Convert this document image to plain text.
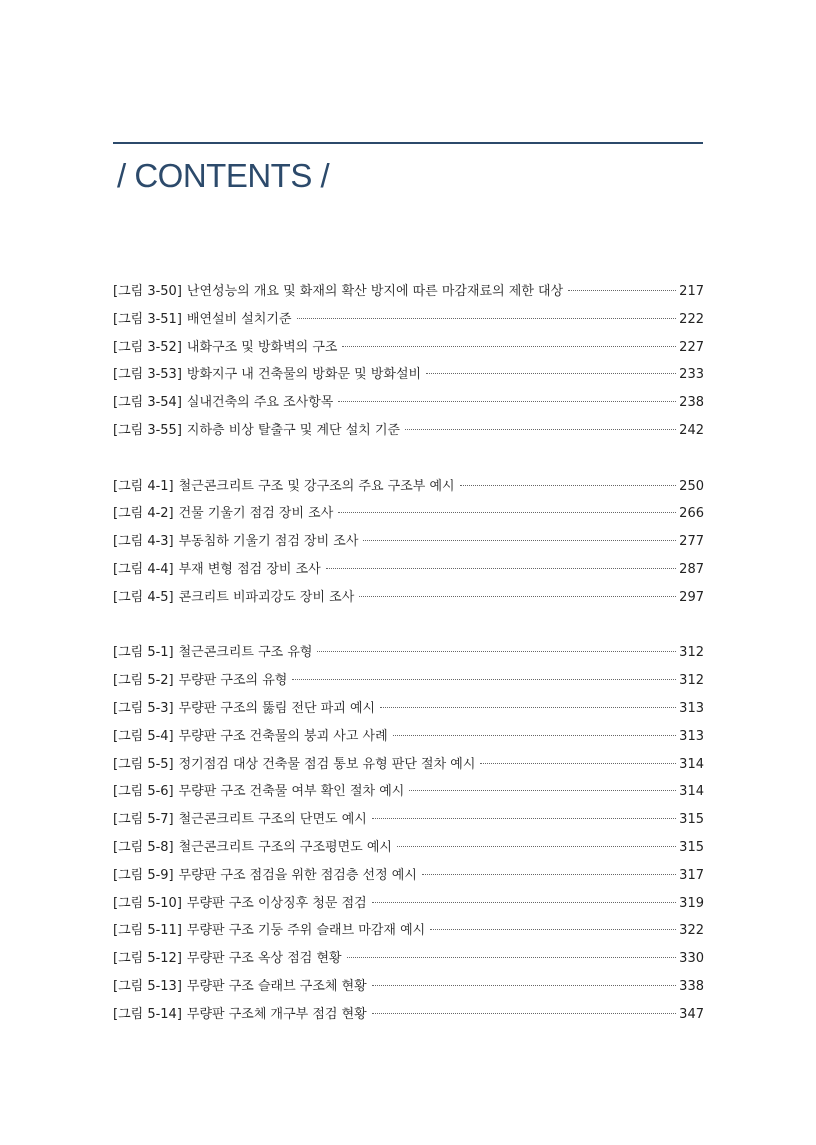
/ CONTENTS /
[그림 3-50] 난연성능의 개요 및 화재의 확산 방지에 따른 마감재료의 제한 대상	217
[그림 3-51] 배연설비 설치기준	222
[그림 3-52] 내화구조 및 방화벽의 구조	227
[그림 3-53] 방화지구 내 건축물의 방화문 및 방화설비	233
[그림 3-54] 실내건축의 주요 조사항목	238
[그림 3-55] 지하층 비상 탈출구 및 계단 설치 기준	242
[그림 4-1] 철근콘크리트 구조 및 강구조의 주요 구조부 예시	250
[그림 4-2] 건물 기울기 점검 장비 조사	266
[그림 4-3] 부동침하 기울기 점검 장비 조사	277
[그림 4-4] 부재 변형 점검 장비 조사	287
[그림 4-5] 콘크리트 비파괴강도 장비 조사	297
[그림 5-1] 철근콘크리트 구조 유형	312
[그림 5-2] 무량판 구조의 유형	312
[그림 5-3] 무량판 구조의 뚫림 전단 파괴 예시	313
[그림 5-4] 무량판 구조 건축물의 붕괴 사고 사례	313
[그림 5-5] 정기점검 대상 건축물 점검 통보 유형 판단 절차 예시	314
[그림 5-6] 무량판 구조 건축물 여부 확인 절차 예시	314
[그림 5-7] 철근콘크리트 구조의 단면도 예시	315
[그림 5-8] 철근콘크리트 구조의 구조평면도 예시	315
[그림 5-9] 무량판 구조 점검을 위한 점검층 선정 예시	317
[그림 5-10] 무량판 구조 이상징후 청문 점검	319
[그림 5-11] 무량판 구조 기둥 주위 슬래브 마감재 예시	322
[그림 5-12] 무량판 구조 옥상 점검 현황	330
[그림 5-13] 무량판 구조 슬래브 구조체 현황	338
[그림 5-14] 무량판 구조체 개구부 점검 현황	347
